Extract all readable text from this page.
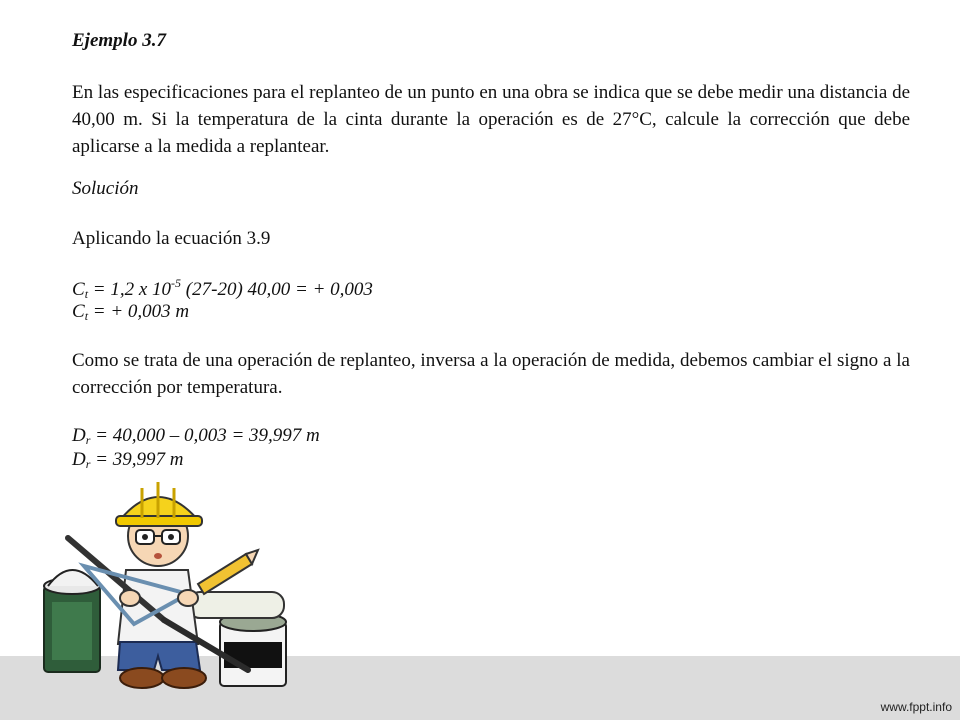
Ejemplo 3.7
En las especificaciones para el replanteo de un punto en una obra se indica que se debe medir una distancia de 40,00 m. Si la temperatura de la cinta durante la operación es de 27°C, calcule la corrección que debe aplicarse a la medida a replantear.
Solución
Aplicando la ecuación 3.9
$C_t = 1,2$ x $10^{-5}$ (27-20) 40,00 = + 0,003
$C_t$ = + 0,003 m
Como se trata de una operación de replanteo, inversa a la operación de medida, debemos cambiar el signo a la corrección por temperatura.
$D_r = 40,000 - 0,003 = 39,997$ m
$D_r = 39,997$ m
www.fppt.info
